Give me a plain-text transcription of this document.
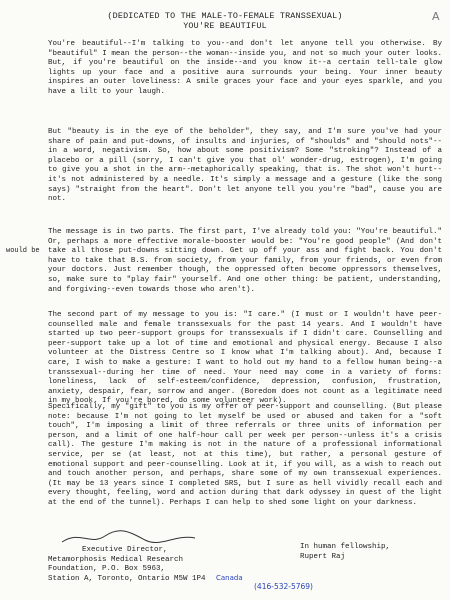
A
(DEDICATED TO THE MALE-TO-FEMALE TRANSSEXUAL)
YOU'RE BEAUTIFUL

You're beautiful--I'm talking to you--and don't let anyone tell you otherwise. By "beautiful" I mean the person--the woman--inside you, and not so much your outer looks. But, if you're beautiful on the inside--and you know it--a certain tell-tale glow lights up your face and a positive aura surrounds your being. Your inner beauty inspires an outer loveliness: A smile graces your face and your eyes sparkle, and you have a lilt to your laugh.

But "beauty is in the eye of the beholder", they say, and I'm sure you've had your share of pain and put-downs, of insults and injuries, of "shoulds" and "should nots"--in a word, negativism. So, how about some positivism? Some "stroking"? Instead of a placebo or a pill (sorry, I can't give you that ol' wonder-drug, estrogen), I'm going to give you a shot in the arm--metaphorically speaking, that is. The shot won't hurt--it's not administered by a needle. It's simply a message and a gesture (like the song says) "straight from the heart". Don't let anyone tell you you're "bad", cause you are not.

The message is in two parts. The first part, I've already told you: "You're beautiful." Or, perhaps a more effective morale-booster would be: "You're good people" (And don't take all those put-downs sitting down. Get up off your ass and fight back. You don't have to take that B.S. from society, from your family, from your friends, or even from your doctors. Just remember though, the oppressed often become oppressors themselves, so, make sure to "play fair" yourself. And one other thing: be patient, understanding, and forgiving--even towards those who aren't).

would be

The second part of my message to you is: "I care." (I must or I wouldn't have peer-counselled male and female transsexuals for the past 14 years. And I wouldn't have started up two peer-support groups for transsexuals if I didn't care. Counselling and peer-support take up a lot of time and emotional and physical energy. Because I also volunteer at the Distress Centre so I know what I'm talking about). And, because I care, I wish to make a gesture: I want to hold out my hand to a fellow human being--a transsexual--during her time of need. Your need may come in a variety of forms: loneliness, lack of self-esteem/confidence, depression, confusion, frustration, anxiety, despair, fear, sorrow and anger. (Boredom does not count as a legitimate need in my book. If you're bored, do some volunteer work).

Specifically, my "gift" to you is my offer of peer-support and counselling. (But please note: because I'm not going to let myself be used or abused and taken for a "soft touch", I'm imposing a limit of three referrals or three units of information per person, and a limit of one half-hour call per week per person--unless it's a crisis call). The gesture I'm making is not in the nature of a professional informational service, per se (at least, not at this time), but rather, a personal gesture of emotional support and peer-counselling. Look at it, if you will, as a wish to reach out and touch another person, and perhaps, share some of my own transsexual experiences. (It may be 13 years since I completed SRS, but I sure as hell vividly recall each and every thought, feeling, word and action during that dark odyssey in quest of the light at the end of the tunnel). Perhaps I can help to shed some light on your darkness.

In human fellowship,
Rupert Raj
Executive Director,
Metamorphosis Medical Research
Foundation, P.O. Box 5963,
Station A, Toronto, Ontario M5W 1P4 Canada
(416-532-5769)
